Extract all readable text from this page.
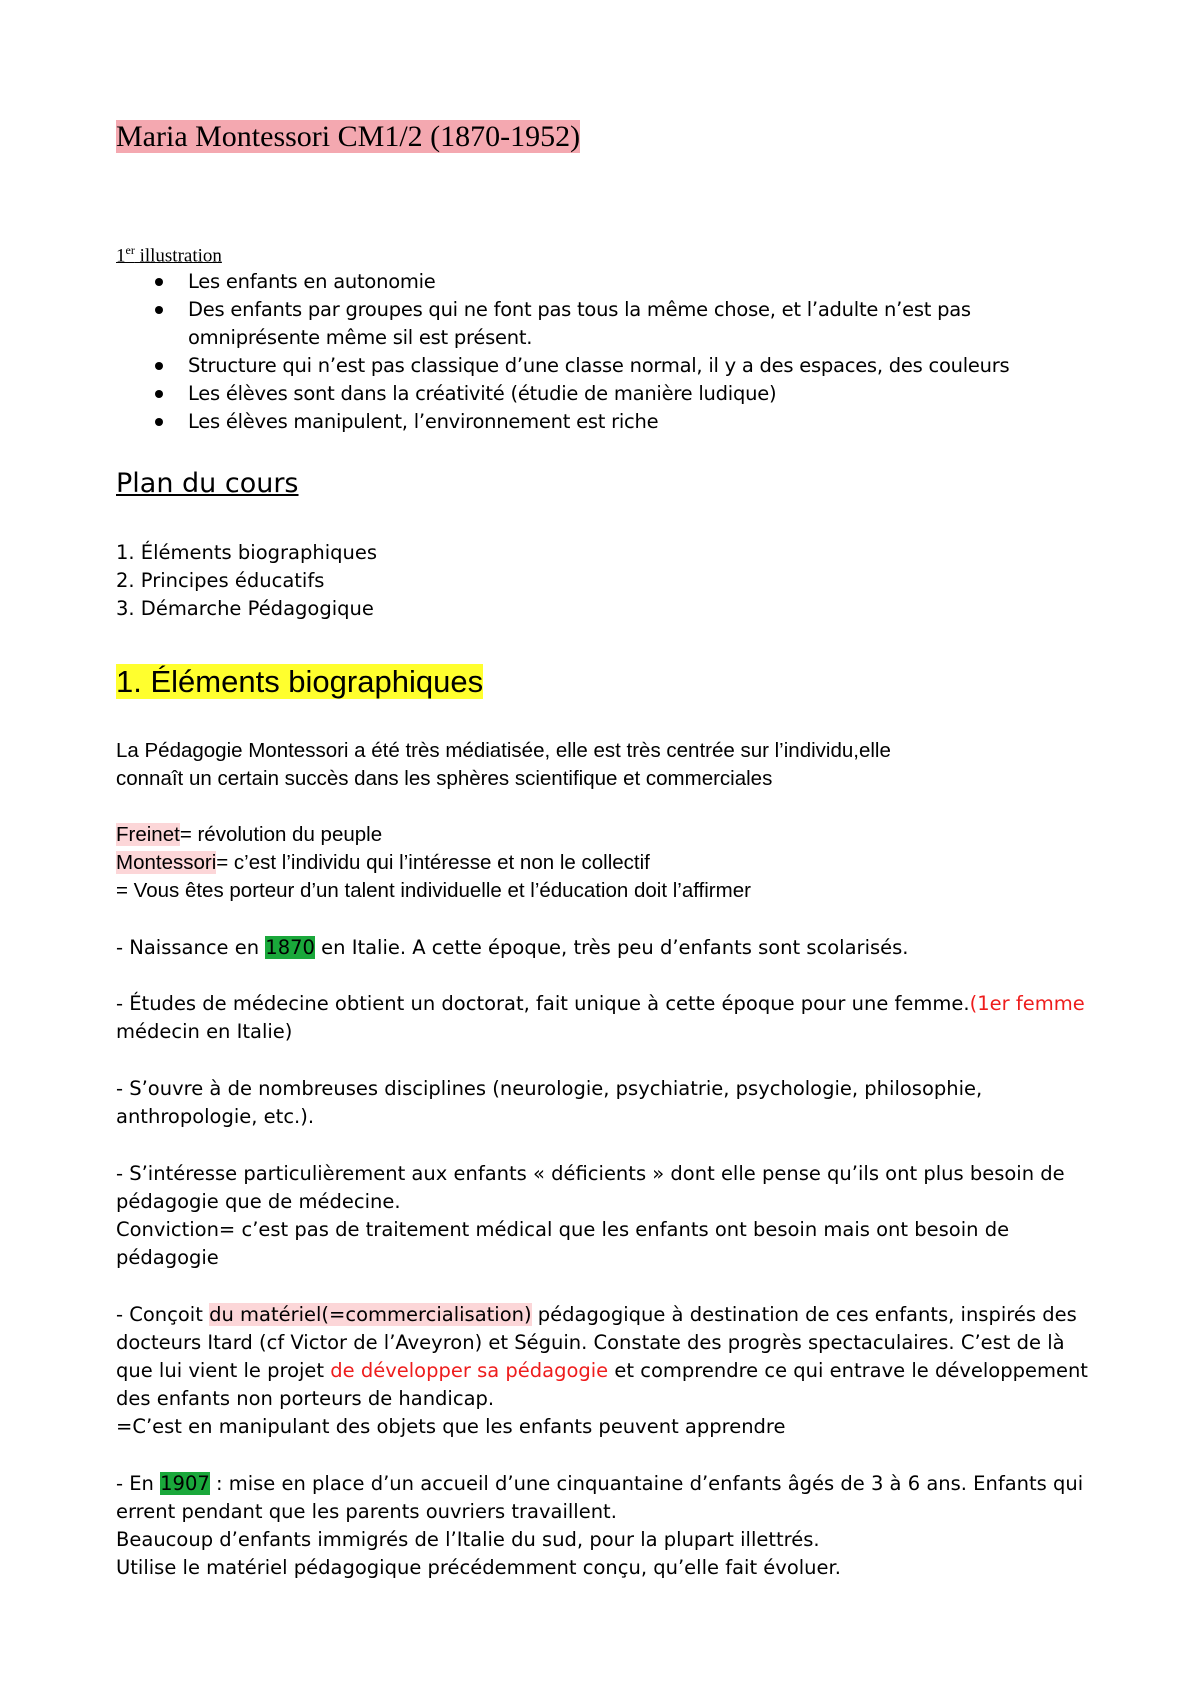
Maria Montessori CM1/2 (1870-1952)
1er illustration
Les enfants en autonomie
Des enfants par groupes qui ne font pas tous la même chose, et l’adulte n’est pas
omniprésente même sil est présent.
Structure qui n’est pas classique d’une classe normal, il y a des espaces, des couleurs
Les élèves sont dans la créativité (étudie de manière ludique)
Les élèves manipulent, l’environnement est riche
Plan du cours
1. Éléments biographiques
2. Principes éducatifs
3. Démarche Pédagogique
1. Éléments biographiques
La Pédagogie Montessori a été très médiatisée, elle est très centrée sur l’individu,elle
connaît un certain succès dans les sphères scientifique et commerciales
Freinet= révolution du peuple
Montessori= c’est l’individu qui l’intéresse et non le collectif
= Vous êtes porteur d’un talent individuelle et l’éducation doit l’affirmer
- Naissance en 1870 en Italie. A cette époque, très peu d’enfants sont scolarisés.
- Études de médecine obtient un doctorat, fait unique à cette époque pour une femme.(1er femme
médecin en Italie)
- S’ouvre à de nombreuses disciplines (neurologie, psychiatrie, psychologie, philosophie,
anthropologie, etc.).
- S’intéresse particulièrement aux enfants « déficients » dont elle pense qu’ils ont plus besoin de
pédagogie que de médecine.
Conviction= c’est pas de traitement médical que les enfants ont besoin mais ont besoin de
pédagogie
- Conçoit du matériel(=commercialisation) pédagogique à destination de ces enfants, inspirés des
docteurs Itard (cf Victor de l’Aveyron) et Séguin. Constate des progrès spectaculaires. C’est de là
que lui vient le projet de développer sa pédagogie et comprendre ce qui entrave le développement
des enfants non porteurs de handicap.
=C’est en manipulant des objets que les enfants peuvent apprendre
- En 1907 : mise en place d’un accueil d’une cinquantaine d’enfants âgés de 3 à 6 ans. Enfants qui
errent pendant que les parents ouvriers travaillent.
Beaucoup d’enfants immigrés de l’Italie du sud, pour la plupart illettrés.
Utilise le matériel pédagogique précédemment conçu, qu’elle fait évoluer.
